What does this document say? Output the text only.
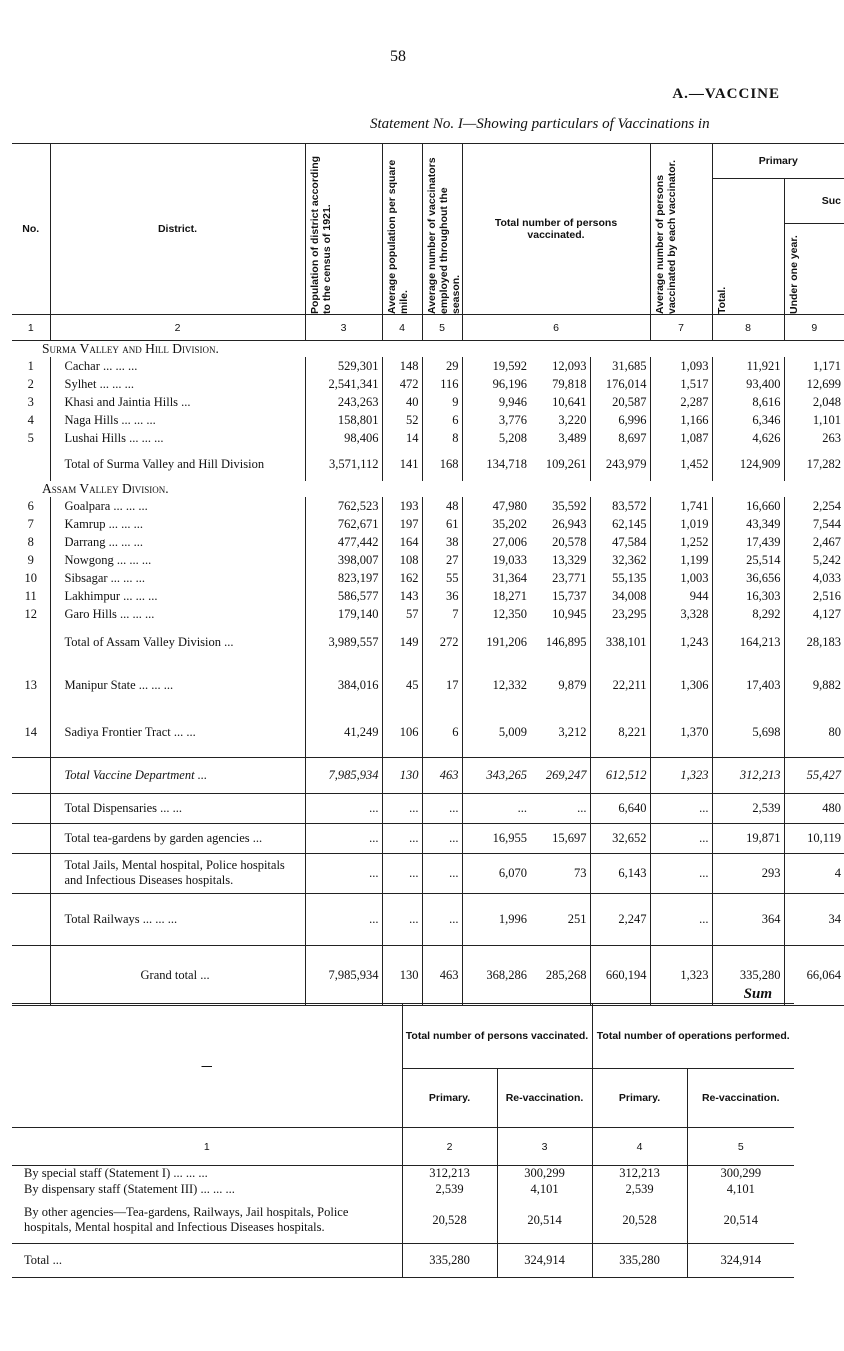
58
A.—VACCINE
Statement No. I—Showing particulars of Vaccinations in
No.	District.	Population of district according to the census of 1921.	Average population per square mile.	Average number of vaccinators employed throughout the season.	Total number of persons vaccinated.			Average number of persons vaccinated by each vaccinator.	Primary	

									Total.	Suc

										Under one year.

1	2	3	4	5	6			7	8	9
Surma Valley and Hill Division.										
1	Cachar ... ... ...	529,301	148	29	19,592	12,093	31,685	1,093	11,921	1,171
2	Sylhet ... ... ...	2,541,341	472	116	96,196	79,818	176,014	1,517	93,400	12,699
3	Khasi and Jaintia Hills ...	243,263	40	9	9,946	10,641	20,587	2,287	8,616	2,048
4	Naga Hills ... ... ...	158,801	52	6	3,776	3,220	6,996	1,166	6,346	1,101
5	Lushai Hills ... ... ...	98,406	14	8	5,208	3,489	8,697	1,087	4,626	263
	Total of Surma Valley and Hill Division	3,571,112	141	168	134,718	109,261	243,979	1,452	124,909	17,282
Assam Valley Division.										
6	Goalpara ... ... ...	762,523	193	48	47,980	35,592	83,572	1,741	16,660	2,254
7	Kamrup ... ... ...	762,671	197	61	35,202	26,943	62,145	1,019	43,349	7,544
8	Darrang ... ... ...	477,442	164	38	27,006	20,578	47,584	1,252	17,439	2,467
9	Nowgong ... ... ...	398,007	108	27	19,033	13,329	32,362	1,199	25,514	5,242
10	Sibsagar ... ... ...	823,197	162	55	31,364	23,771	55,135	1,003	36,656	4,033
11	Lakhimpur ... ... ...	586,577	143	36	18,271	15,737	34,008	944	16,303	2,516
12	Garo Hills ... ... ...	179,140	57	7	12,350	10,945	23,295	3,328	8,292	4,127
	Total of Assam Valley Division ...	3,989,557	149	272	191,206	146,895	338,101	1,243	164,213	28,183
13	Manipur State ... ... ...	384,016	45	17	12,332	9,879	22,211	1,306	17,403	9,882
14	Sadiya Frontier Tract ... ...	41,249	106	6	5,009	3,212	8,221	1,370	5,698	80
	Total Vaccine Department ...	7,985,934	130	463	343,265	269,247	612,512	1,323	312,213	55,427
	Total Dispensaries ... ...	...	...	...	...	...	6,640	...	2,539	480
	Total tea-gardens by garden agencies ...	...	...	...	16,955	15,697	32,652	...	19,871	10,119
	Total Jails, Mental hospital, Police hospitals and Infectious Diseases hospitals.	...	...	...	6,070	73	6,143	...	293	4
	Total Railways ... ... ...	...	...	...	1,996	251	2,247	...	364	34
	Grand total ...	7,985,934	130	463	368,286	285,268	660,194	1,323	335,280	66,064
Sum
—	Total number of persons vaccinated.		Total number of operations performed.	
	Primary.	Re-vaccination.	Primary.	Re-vaccination.
1	2	3	4	5
By special staff (Statement I) ... ... ...	312,213	300,299	312,213	300,299
By dispensary staff (Statement III) ... ... ...	2,539	4,101	2,539	4,101
By other agencies—Tea-gardens, Railways, Jail hospitals, Police hospitals, Mental hospital and Infectious Diseases hospitals.	20,528	20,514	20,528	20,514
Total ...	335,280	324,914	335,280	324,914
